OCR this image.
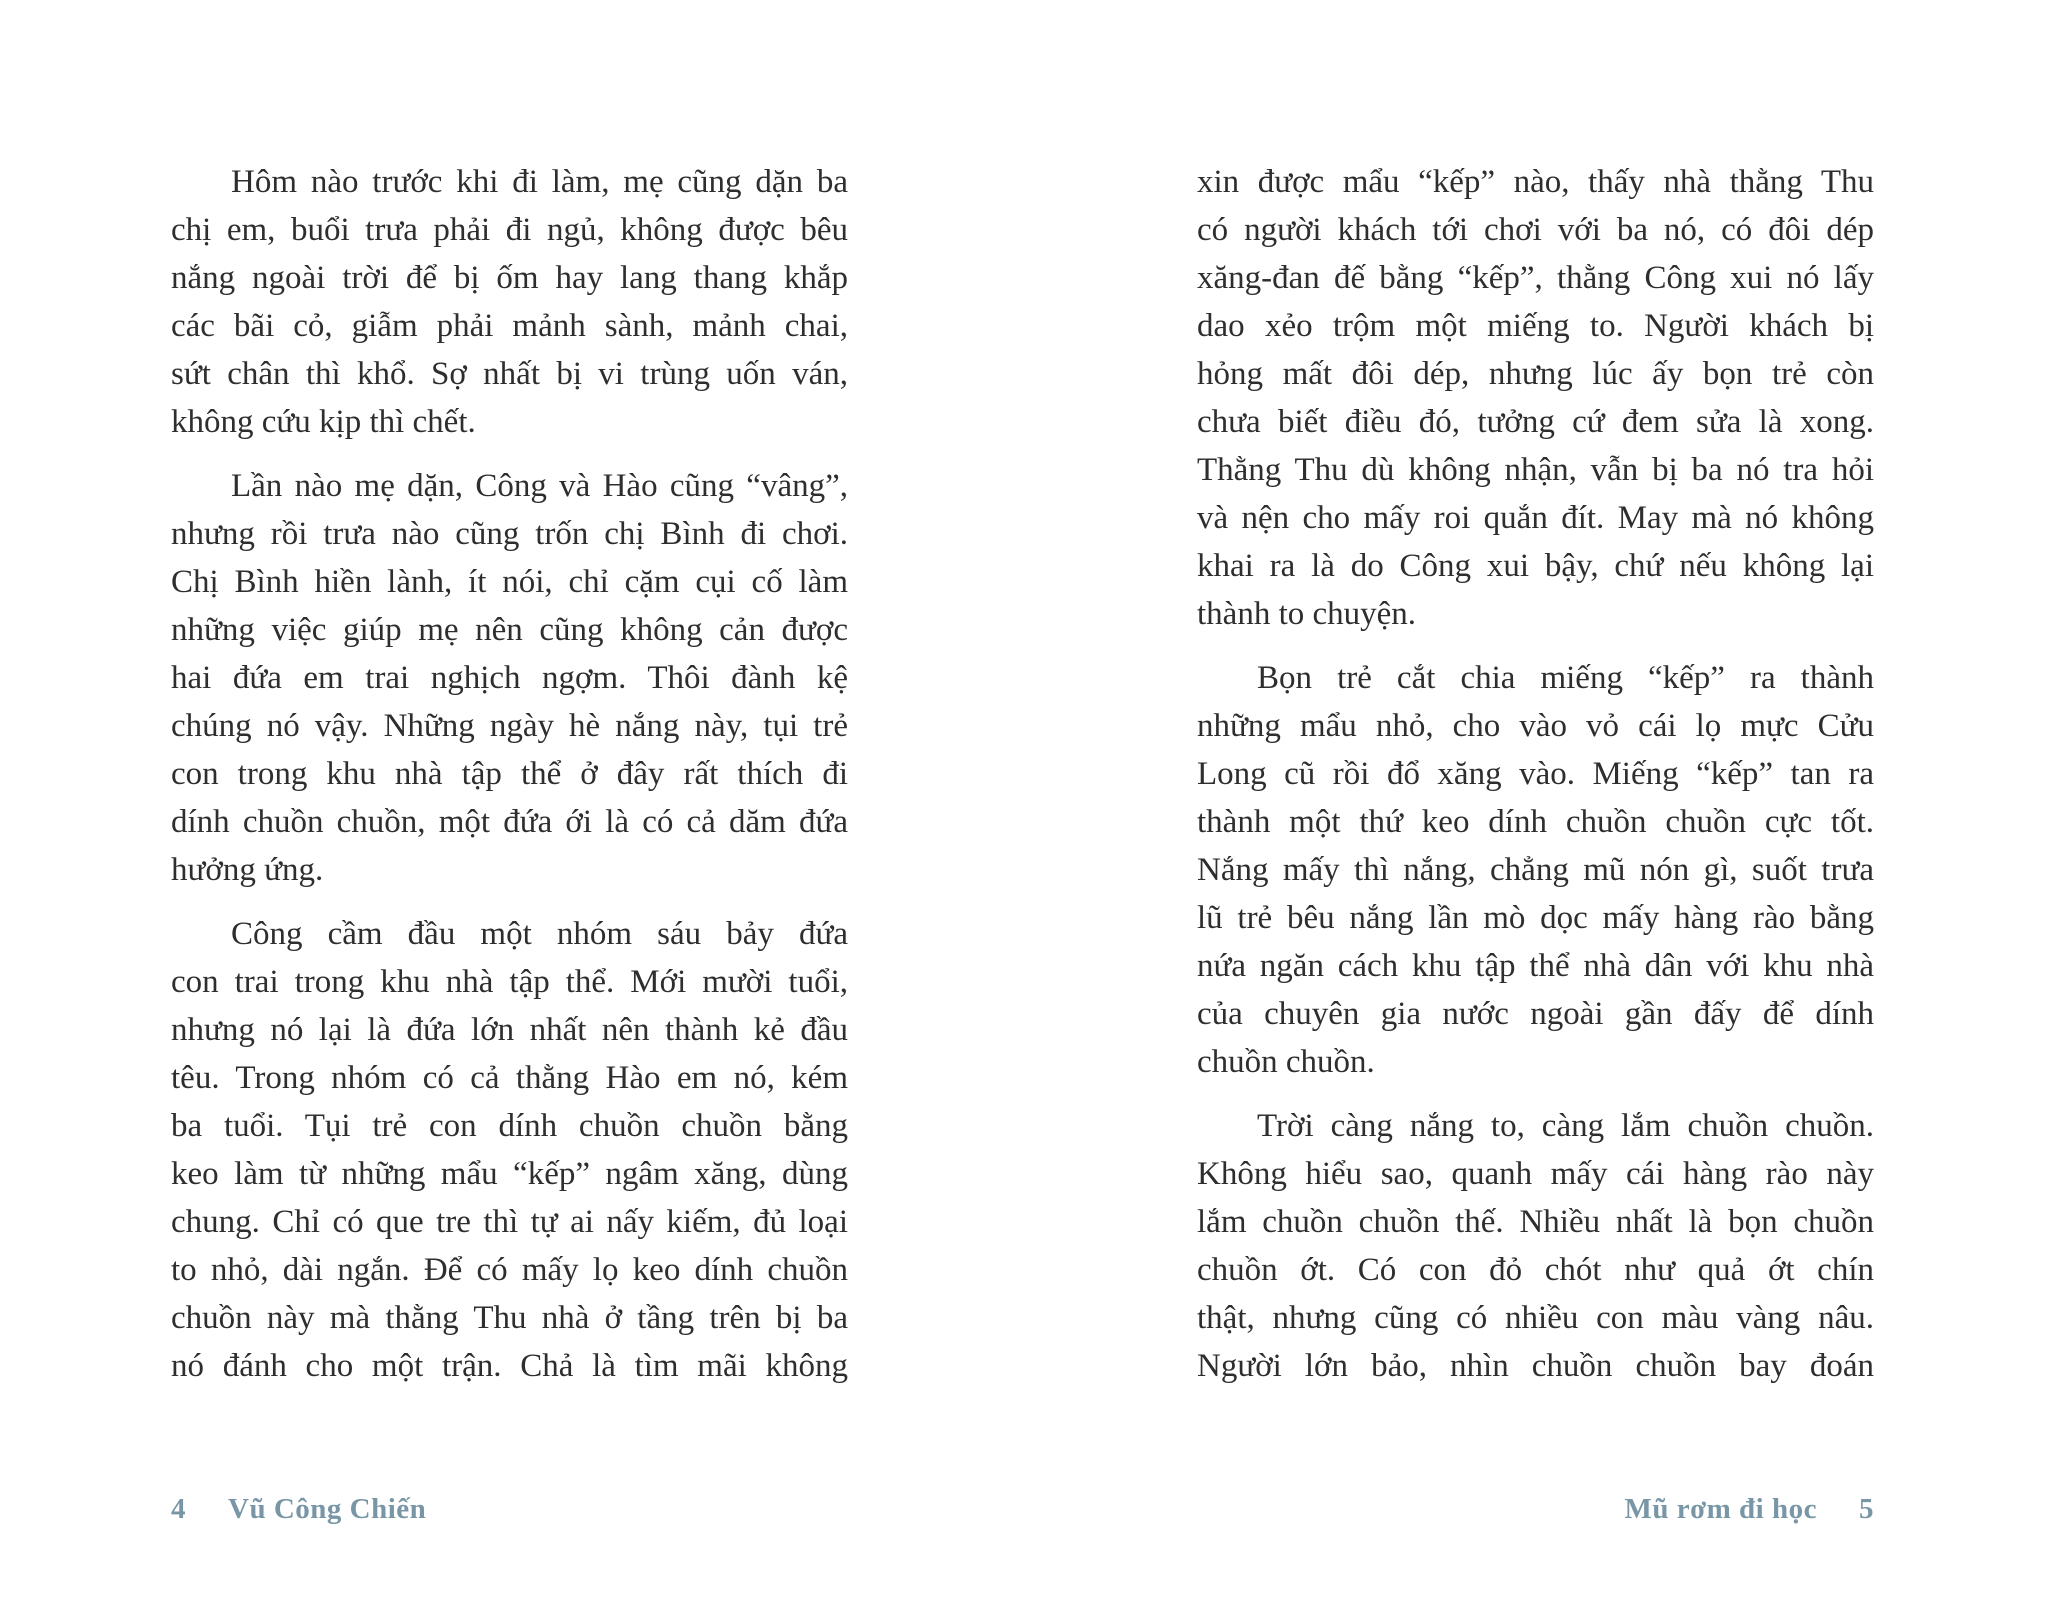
Hôm nào trước khi đi làm, mẹ cũng dặn ba
chị em, buổi trưa phải đi ngủ, không được bêu
nắng ngoài trời để bị ốm hay lang thang khắp
các bãi cỏ, giẫm phải mảnh sành, mảnh chai,
sứt chân thì khổ. Sợ nhất bị vi trùng uốn ván,
không cứu kịp thì chết.
Lần nào mẹ dặn, Công và Hào cũng “vâng”,
nhưng rồi trưa nào cũng trốn chị Bình đi chơi.
Chị Bình hiền lành, ít nói, chỉ cặm cụi cố làm
những việc giúp mẹ nên cũng không cản được
hai đứa em trai nghịch ngợm. Thôi đành kệ
chúng nó vậy. Những ngày hè nắng này, tụi trẻ
con trong khu nhà tập thể ở đây rất thích đi
dính chuồn chuồn, một đứa ới là có cả dăm đứa
hưởng ứng.
Công cầm đầu một nhóm sáu bảy đứa
con trai trong khu nhà tập thể. Mới mười tuổi,
nhưng nó lại là đứa lớn nhất nên thành kẻ đầu
têu. Trong nhóm có cả thằng Hào em nó, kém
ba tuổi. Tụi trẻ con dính chuồn chuồn bằng
keo làm từ những mẩu “kếp” ngâm xăng, dùng
chung. Chỉ có que tre thì tự ai nấy kiếm, đủ loại
to nhỏ, dài ngắn. Để có mấy lọ keo dính chuồn
chuồn này mà thằng Thu nhà ở tầng trên bị ba
nó đánh cho một trận. Chả là tìm mãi không
xin được mẩu “kếp” nào, thấy nhà thằng Thu
có người khách tới chơi với ba nó, có đôi dép
xăng-đan đế bằng “kếp”, thằng Công xui nó lấy
dao xẻo trộm một miếng to. Người khách bị
hỏng mất đôi dép, nhưng lúc ấy bọn trẻ còn
chưa biết điều đó, tưởng cứ đem sửa là xong.
Thằng Thu dù không nhận, vẫn bị ba nó tra hỏi
và nện cho mấy roi quắn đít. May mà nó không
khai ra là do Công xui bậy, chứ nếu không lại
thành to chuyện.
Bọn trẻ cắt chia miếng “kếp” ra thành
những mẩu nhỏ, cho vào vỏ cái lọ mực Cửu
Long cũ rồi đổ xăng vào. Miếng “kếp” tan ra
thành một thứ keo dính chuồn chuồn cực tốt.
Nắng mấy thì nắng, chẳng mũ nón gì, suốt trưa
lũ trẻ bêu nắng lần mò dọc mấy hàng rào bằng
nứa ngăn cách khu tập thể nhà dân với khu nhà
của chuyên gia nước ngoài gần đấy để dính
chuồn chuồn.
Trời càng nắng to, càng lắm chuồn chuồn.
Không hiểu sao, quanh mấy cái hàng rào này
lắm chuồn chuồn thế. Nhiều nhất là bọn chuồn
chuồn ớt. Có con đỏ chót như quả ớt chín
thật, nhưng cũng có nhiều con màu vàng nâu.
Người lớn bảo, nhìn chuồn chuồn bay đoán
4 Vũ Công Chiến	Mũ rơm đi học 5
